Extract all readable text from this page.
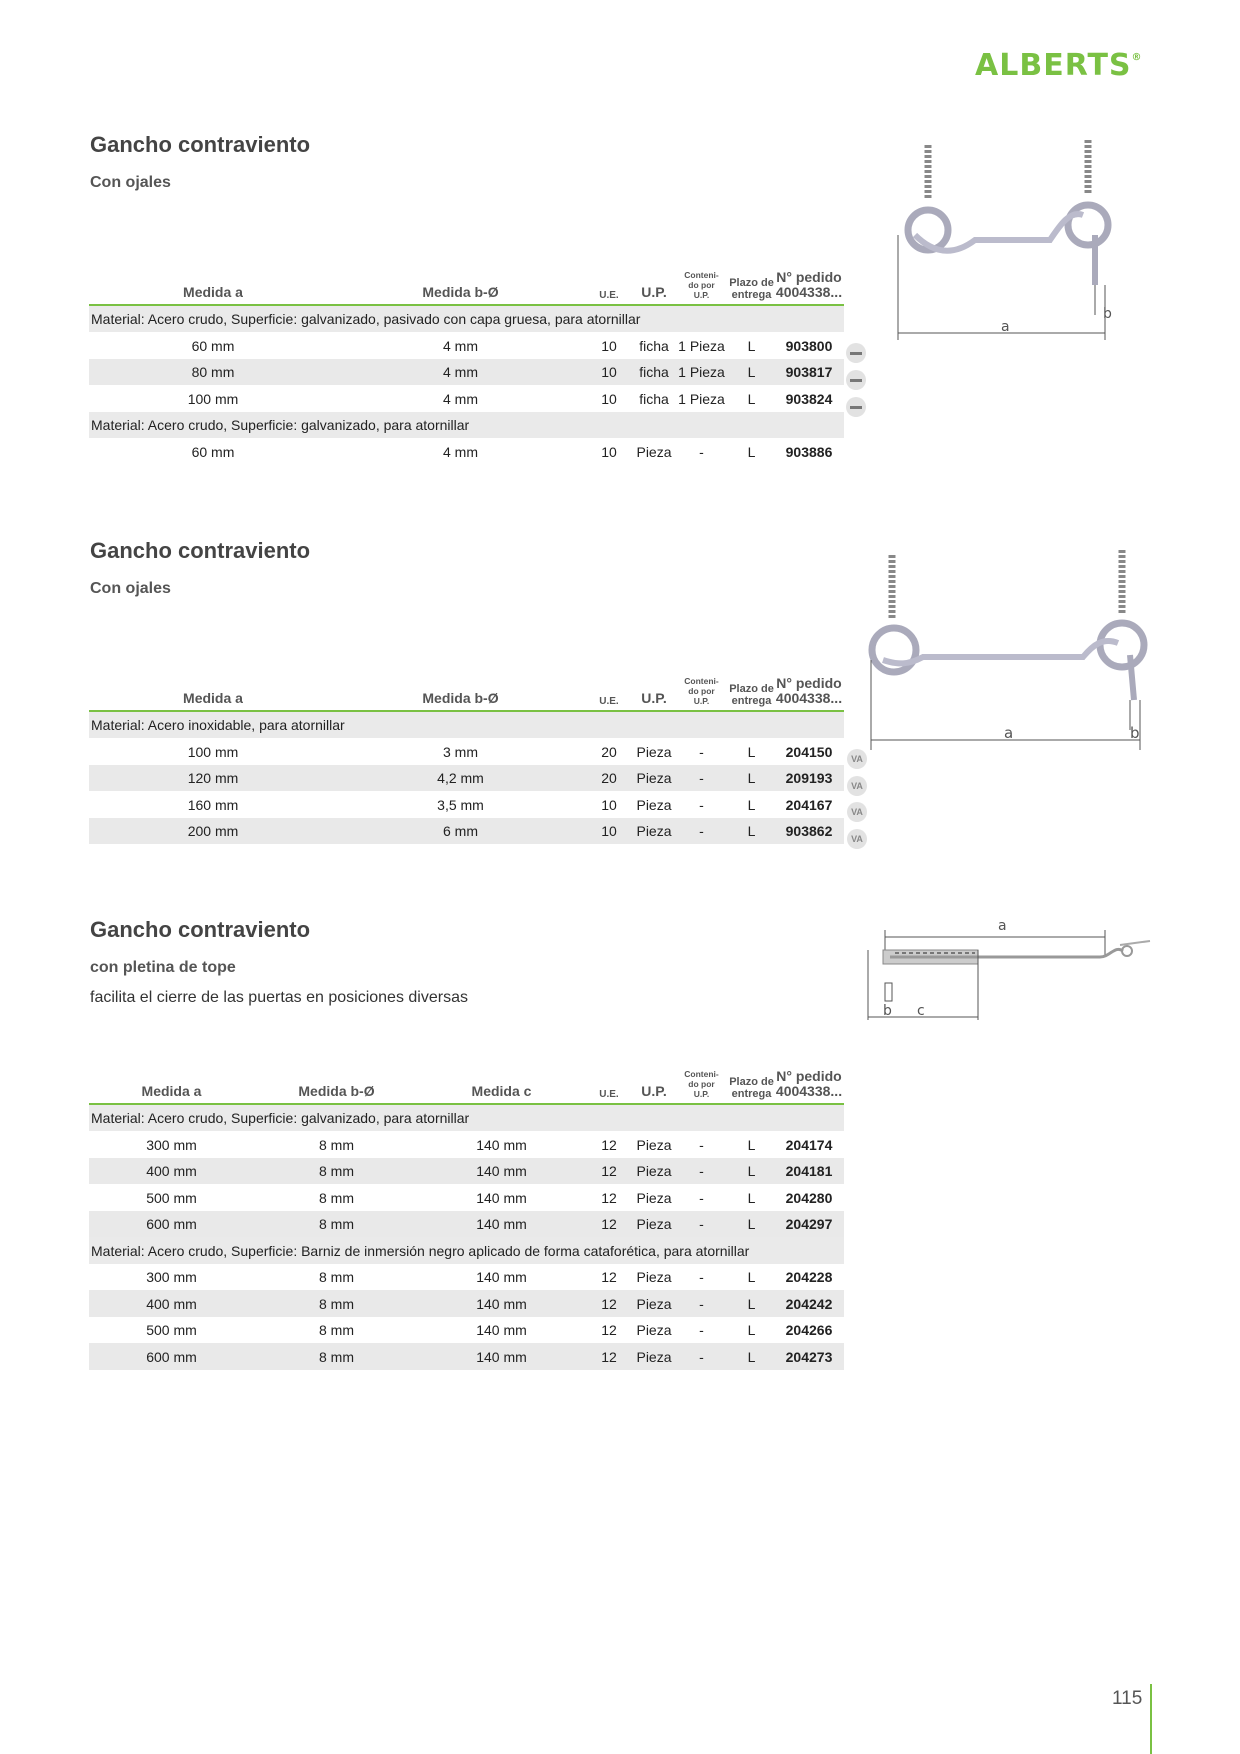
ALBERTS®
Gancho contraviento
Con ojales
Medida a	Medida b-Ø	U.E.	U.P.	Conteni-
do por
U.P.	Plazo de
entrega	N° pedido
4004338...
Material: Acero crudo, Superficie: galvanizado, pasivado con capa gruesa, para atornillar						
60 mm	4 mm	10	ficha	1 Pieza	L	903800
80 mm	4 mm	10	ficha	1 Pieza	L	903817
100 mm	4 mm	10	ficha	1 Pieza	L	903824
Material: Acero crudo, Superficie: galvanizado, para atornillar						
60 mm	4 mm	10	Pieza	-	L	903886
a
b
Gancho contraviento
Con ojales
Medida a	Medida b-Ø	U.E.	U.P.	Conteni-
do por
U.P.	Plazo de
entrega	N° pedido
4004338...
Material: Acero inoxidable, para atornillar						
100 mm	3 mm	20	Pieza	-	L	204150
120 mm	4,2 mm	20	Pieza	-	L	209193
160 mm	3,5 mm	10	Pieza	-	L	204167
200 mm	6 mm	10	Pieza	-	L	903862
VA
VA
VA
VA
a	b
Gancho contraviento
con pletina de tope
facilita el cierre de las puertas en posiciones diversas
Medida a	Medida b-Ø	Medida c	U.E.	U.P.	Conteni-
do por
U.P.	Plazo de
entrega	N° pedido
4004338...
Material: Acero crudo, Superficie: galvanizado, para atornillar							
300 mm	8 mm	140 mm	12	Pieza	-	L	204174
400 mm	8 mm	140 mm	12	Pieza	-	L	204181
500 mm	8 mm	140 mm	12	Pieza	-	L	204280
600 mm	8 mm	140 mm	12	Pieza	-	L	204297
Material: Acero crudo, Superficie: Barniz de inmersión negro aplicado de forma cataforética, para atornillar							
300 mm	8 mm	140 mm	12	Pieza	-	L	204228
400 mm	8 mm	140 mm	12	Pieza	-	L	204242
500 mm	8 mm	140 mm	12	Pieza	-	L	204266
600 mm	8 mm	140 mm	12	Pieza	-	L	204273
a
b c
115
